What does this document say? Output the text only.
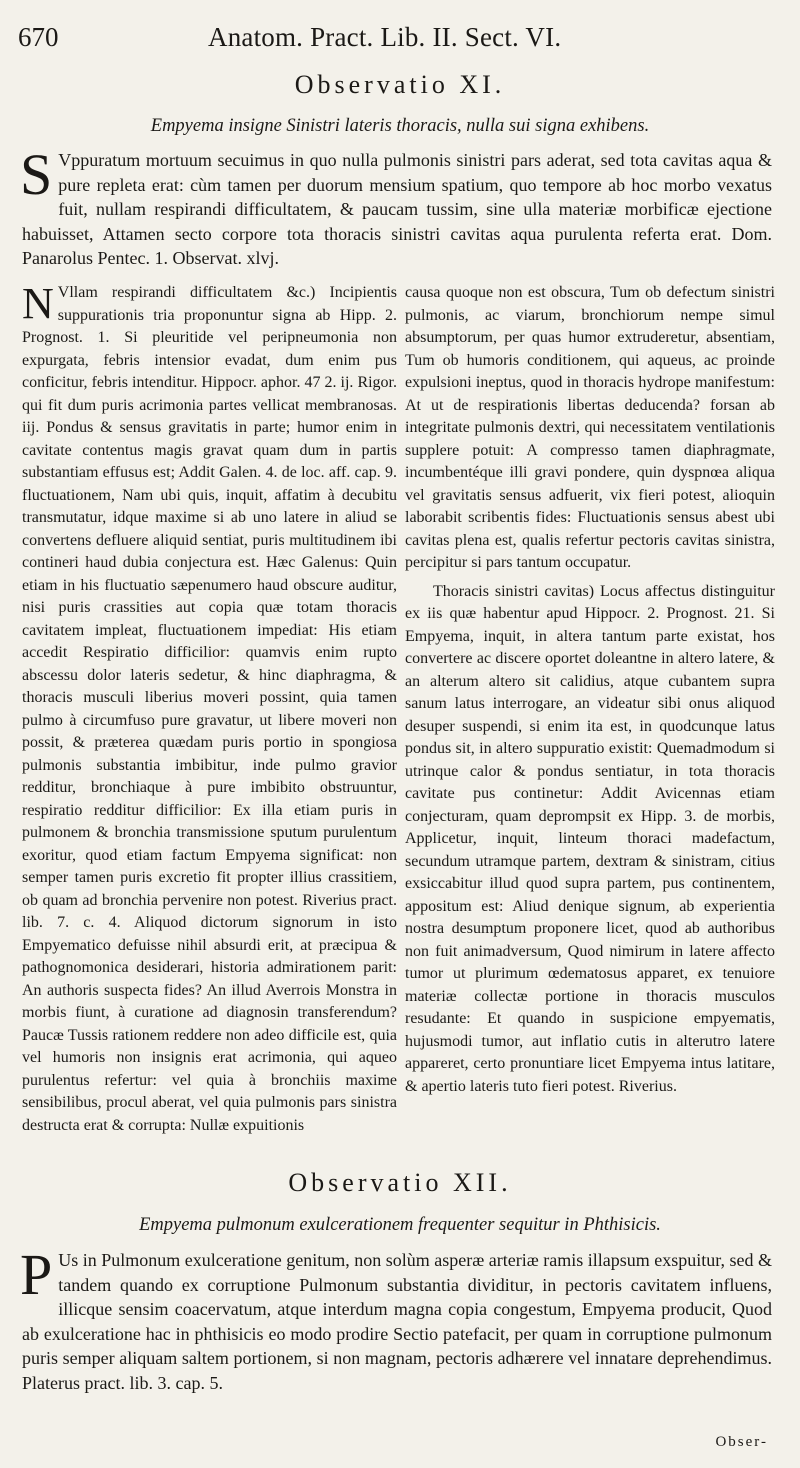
670	Anatom. Pract. Lib. II. Sect. VI.
Observatio XI.
Empyema insigne Sinistri lateris thoracis, nulla sui signa exhibens.
S Vppuratum mortuum secuimus in quo nulla pulmonis sinistri pars aderat, sed tota cavitas aqua & pure repleta erat: cùm tamen per duorum mensium spatium, quo tempore ab hoc morbo vexatus fuit, nullam respirandi difficultatem, & paucam tussim, sine ulla materiæ morbificæ ejectione habuisset, Attamen secto corpore tota thoracis sinistri cavitas aqua purulenta referta erat. Dom. Panarolus Pentec. 1. Observat. xlvj.

N Vllam respirandi difficultatem &c.) Incipientis suppurationis tria proponuntur signa ab Hipp. 2. Prognost. 1. Si pleuritide vel peripneumonia non expurgata, febris intensior evadat, dum enim pus conficitur, febris intenditur. Hippocr. aphor. 47 2. ij. Rigor. qui fit dum puris acrimonia partes vellicat membranosas. iij. Pondus & sensus gravitatis in parte; humor enim in cavitate contentus magis gravat quam dum in partis substantiam effusus est; Addit Galen. 4. de loc. aff. cap. 9. fluctuationem, Nam ubi quis, inquit, affatim à decubitu transmutatur, idque maxime si ab uno latere in aliud se convertens defluere aliquid sentiat, puris multitudinem ibi contineri haud dubia conjectura est. Hæc Galenus: Quin etiam in his fluctuatio sæpenumero haud obscure auditur, nisi puris crassities aut copia quæ totam thoracis cavitatem impleat, fluctuationem impediat: His etiam accedit Respiratio difficilior: quamvis enim rupto abscessu dolor lateris sedetur, & hinc diaphragma, & thoracis musculi liberius moveri possint, quia tamen pulmo à circumfuso pure gravatur, ut libere moveri non possit, & præterea quædam puris portio in spongiosa pulmonis substantia imbibitur, inde pulmo gravior redditur, bronchiaque à pure imbibito obstruuntur, respiratio redditur difficilior: Ex illa etiam puris in pulmonem & bronchia transmissione sputum purulentum exoritur, quod etiam factum Empyema significat: non semper tamen puris excretio fit propter illius crassitiem, ob quam ad bronchia pervenire non potest. Riverius pract. lib. 7. c. 4. Aliquod dictorum signorum in isto Empyematico defuisse nihil absurdi erit, at præcipua & pathognomonica desiderari, historia admirationem parit: An authoris suspecta fides? An illud Averrois Monstra in morbis fiunt, à curatione ad diagnosin transferendum? Paucæ Tussis rationem reddere non adeo difficile est, quia vel humoris non insignis erat acrimonia, qui aqueo purulentus refertur: vel quia à bronchiis maxime sensibilibus, procul aberat, vel quia pulmonis pars sinistra destructa erat & corrupta: Nullæ expuitionis

causa quoque non est obscura, Tum ob defectum sinistri pulmonis, ac viarum, bronchiorum nempe simul absumptorum, per quas humor extruderetur, absentiam, Tum ob humoris conditionem, qui aqueus, ac proinde expulsioni ineptus, quod in thoracis hydrope manifestum: At ut de respirationis libertas deducenda? forsan ab integritate pulmonis dextri, qui necessitatem ventilationis supplere potuit: A compresso tamen diaphragmate, incumbentéque illi gravi pondere, quin dyspnœa aliqua vel gravitatis sensus adfuerit, vix fieri potest, alioquin laborabit scribentis fides: Fluctuationis sensus abest ubi cavitas plena est, qualis refertur pectoris cavitas sinistra, percipitur si pars tantum occupatur.

Thoracis sinistri cavitas) Locus affectus distinguitur ex iis quæ habentur apud Hippocr. 2. Prognost. 21. Si Empyema, inquit, in altera tantum parte existat, hos convertere ac discere oportet doleantne in altero latere, & an alterum altero sit calidius, atque cubantem supra sanum latus interrogare, an videatur sibi onus aliquod desuper suspendi, si enim ita est, in quodcunque latus pondus sit, in altero suppuratio existit: Quemadmodum si utrinque calor & pondus sentiatur, in tota thoracis cavitate pus continetur: Addit Avicennas etiam conjecturam, quam deprompsit ex Hipp. 3. de morbis, Applicetur, inquit, linteum thoraci madefactum, secundum utramque partem, dextram & sinistram, citius exsiccabitur illud quod supra partem, pus continentem, appositum est: Aliud denique signum, ab experientia nostra desumptum proponere licet, quod ab authoribus non fuit animadversum, Quod nimirum in latere affecto tumor ut plurimum œdematosus apparet, ex tenuiore materiæ collectæ portione in thoracis musculos resudante: Et quando in suspicione empyematis, hujusmodi tumor, aut inflatio cutis in alterutro latere appareret, certo pronuntiare licet Empyema intus latitare, & apertio lateris tuto fieri potest. Riverius.

Observatio XII.
Empyema pulmonum exulcerationem frequenter sequitur in Phthisicis.
P Us in Pulmonum exulceratione genitum, non solùm asperæ arteriæ ramis illapsum exspuitur, sed & tandem quando ex corruptione Pulmonum substantia dividitur, in pectoris cavitatem influens, illicque sensim coacervatum, atque interdum magna copia congestum, Empyema producit, Quod ab exulceratione hac in phthisicis eo modo prodire Sectio patefacit, per quam in corruptione pulmonum puris semper aliquam saltem portionem, si non magnam, pectoris adhærere vel innatare deprehendimus. Platerus pract. lib. 3. cap. 5.
Obser-
